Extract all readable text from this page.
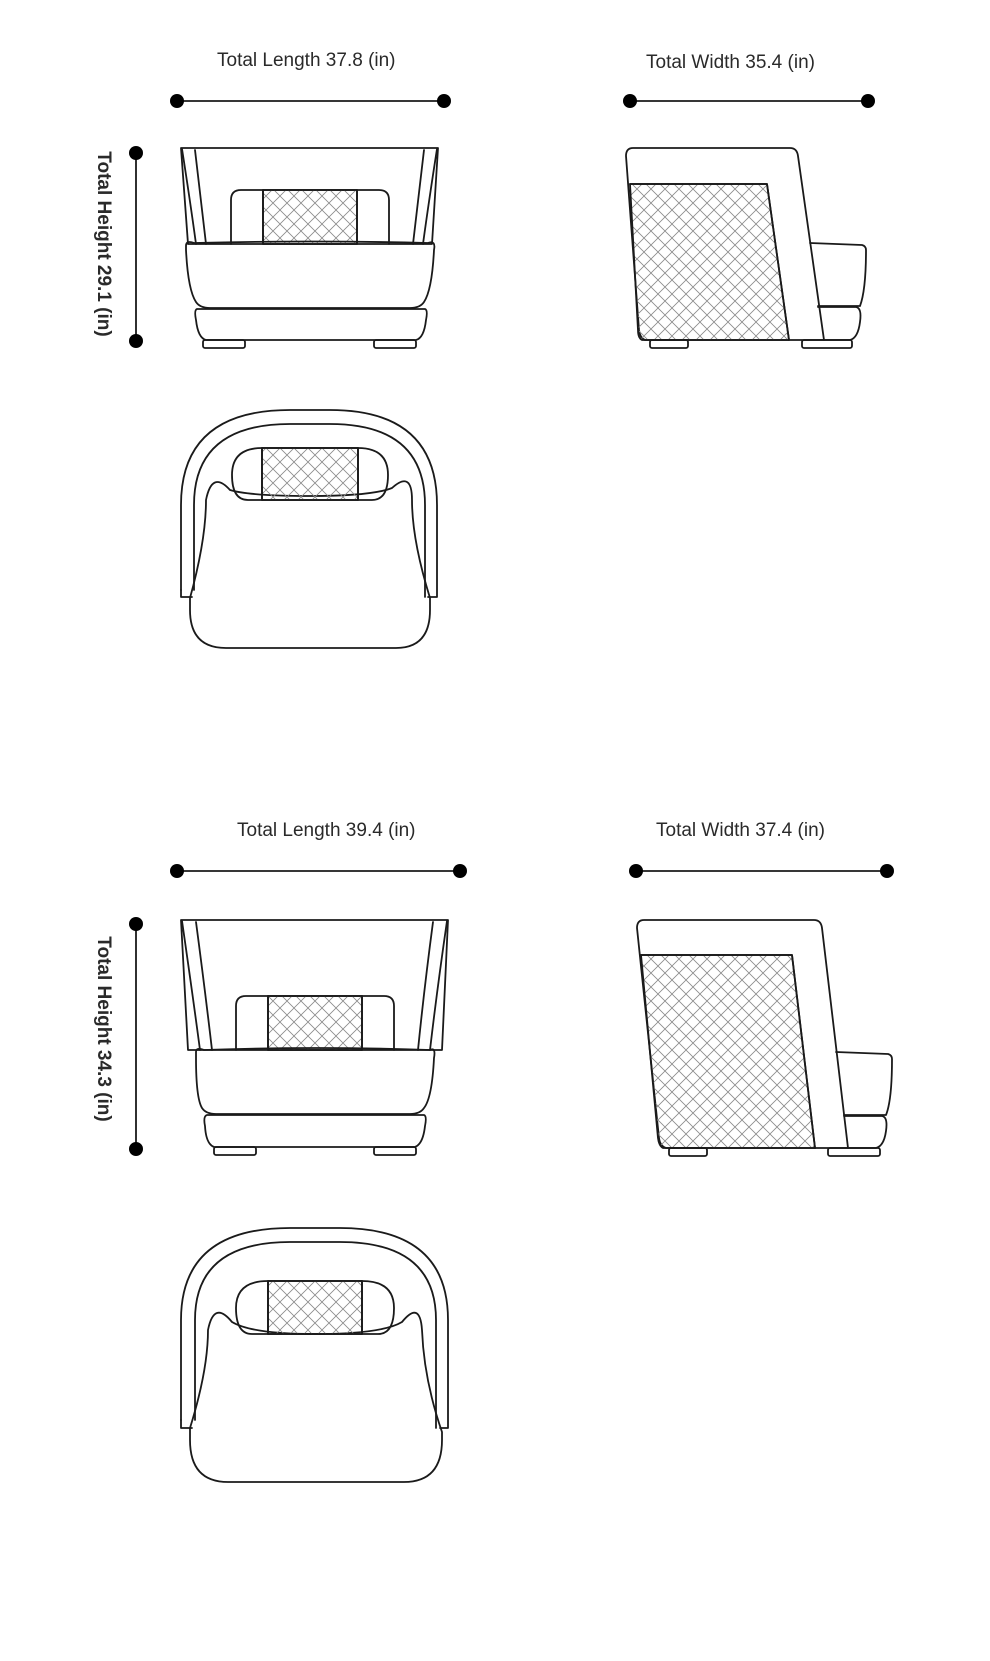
Total Length 37.8 (in)	Total Width 35.4 (in)
Total Height 29.1 (in)
Total Length 39.4 (in)	Total Width 37.4 (in)
Total Height 34.3 (in)
